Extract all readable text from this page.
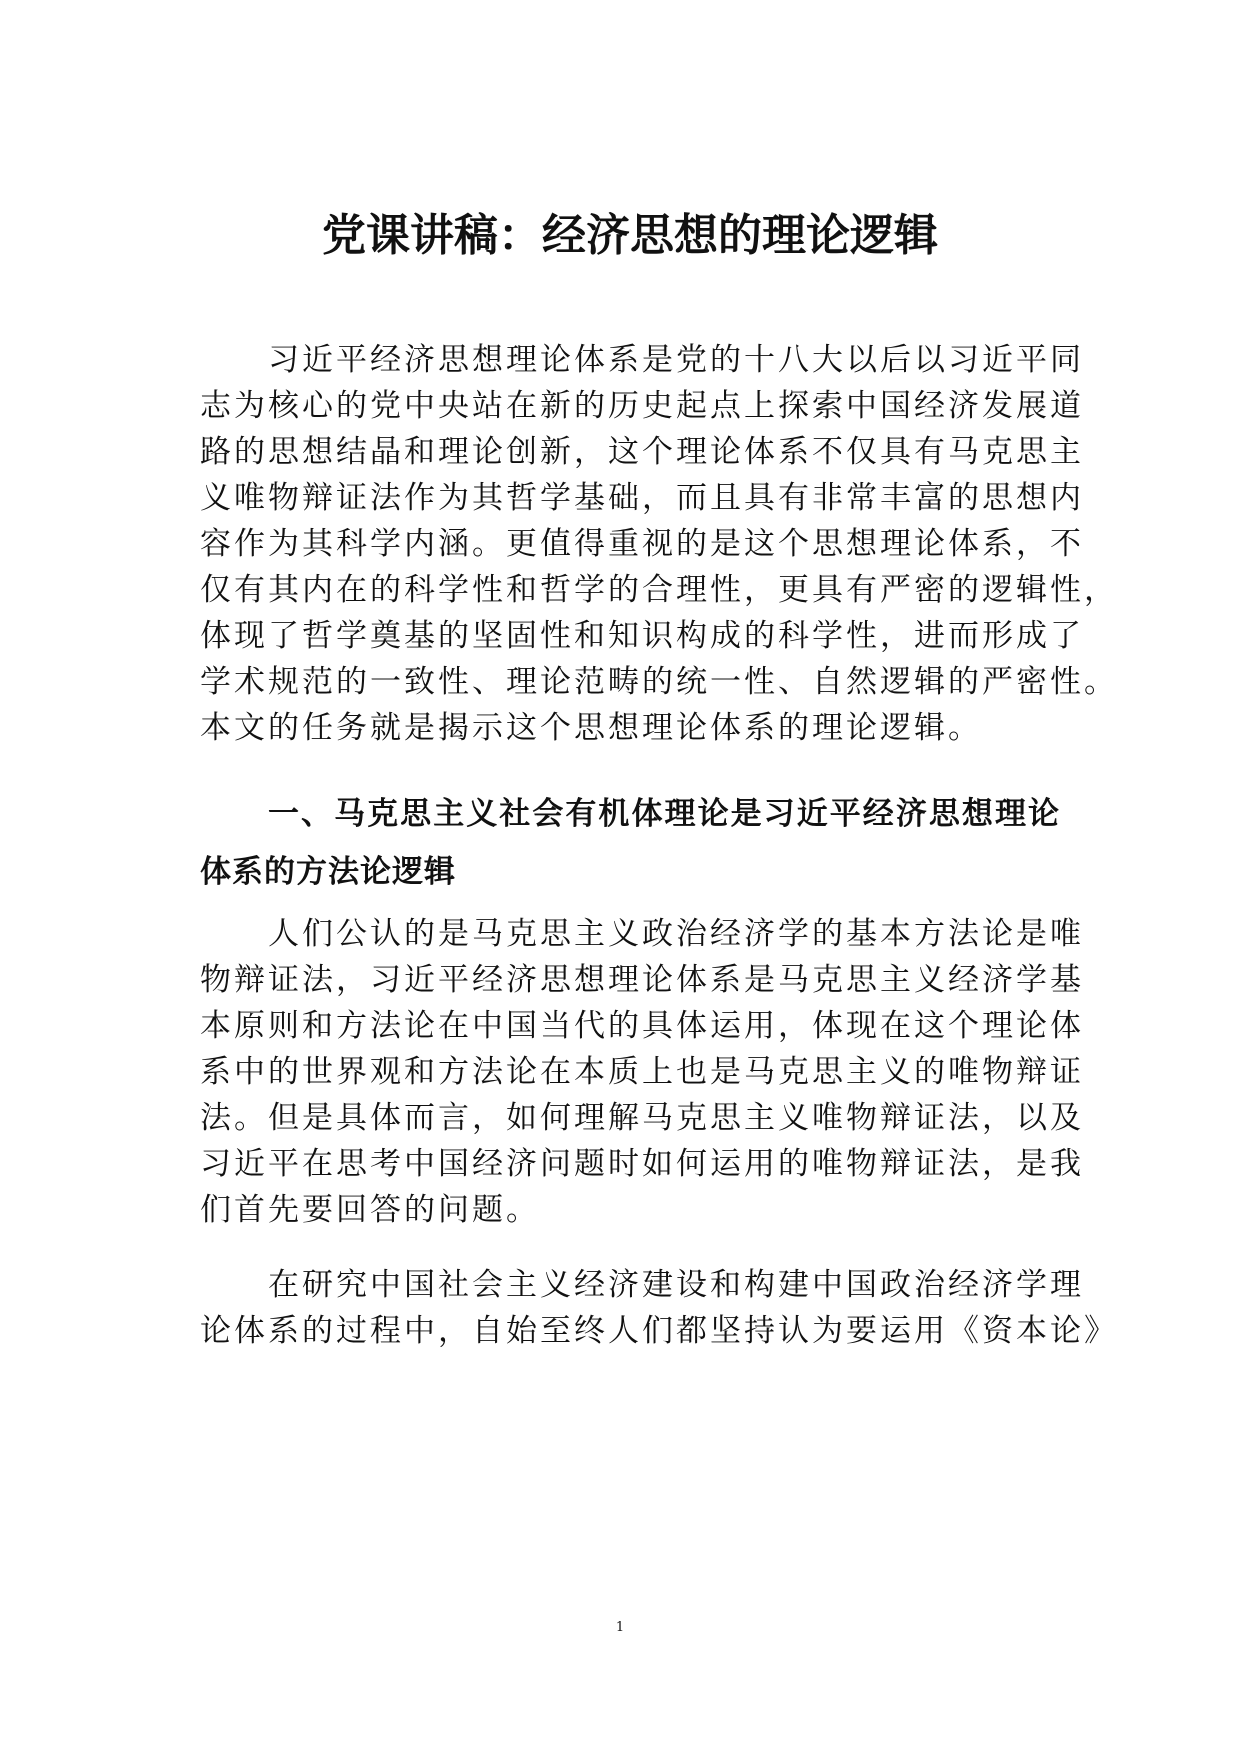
党课讲稿：经济思想的理论逻辑
习近平经济思想理论体系是党的十八大以后以习近平同
志为核心的党中央站在新的历史起点上探索中国经济发展道
路的思想结晶和理论创新，这个理论体系不仅具有马克思主
义唯物辩证法作为其哲学基础，而且具有非常丰富的思想内
容作为其科学内涵。更值得重视的是这个思想理论体系，不
仅有其内在的科学性和哲学的合理性，更具有严密的逻辑性，
体现了哲学奠基的坚固性和知识构成的科学性，进而形成了
学术规范的一致性、理论范畴的统一性、自然逻辑的严密性。
本文的任务就是揭示这个思想理论体系的理论逻辑。
一、马克思主义社会有机体理论是习近平经济思想理论
体系的方法论逻辑
人们公认的是马克思主义政治经济学的基本方法论是唯
物辩证法，习近平经济思想理论体系是马克思主义经济学基
本原则和方法论在中国当代的具体运用，体现在这个理论体
系中的世界观和方法论在本质上也是马克思主义的唯物辩证
法。但是具体而言，如何理解马克思主义唯物辩证法，以及
习近平在思考中国经济问题时如何运用的唯物辩证法，是我
们首先要回答的问题。
在研究中国社会主义经济建设和构建中国政治经济学理
论体系的过程中，自始至终人们都坚持认为要运用《资本论》
1
